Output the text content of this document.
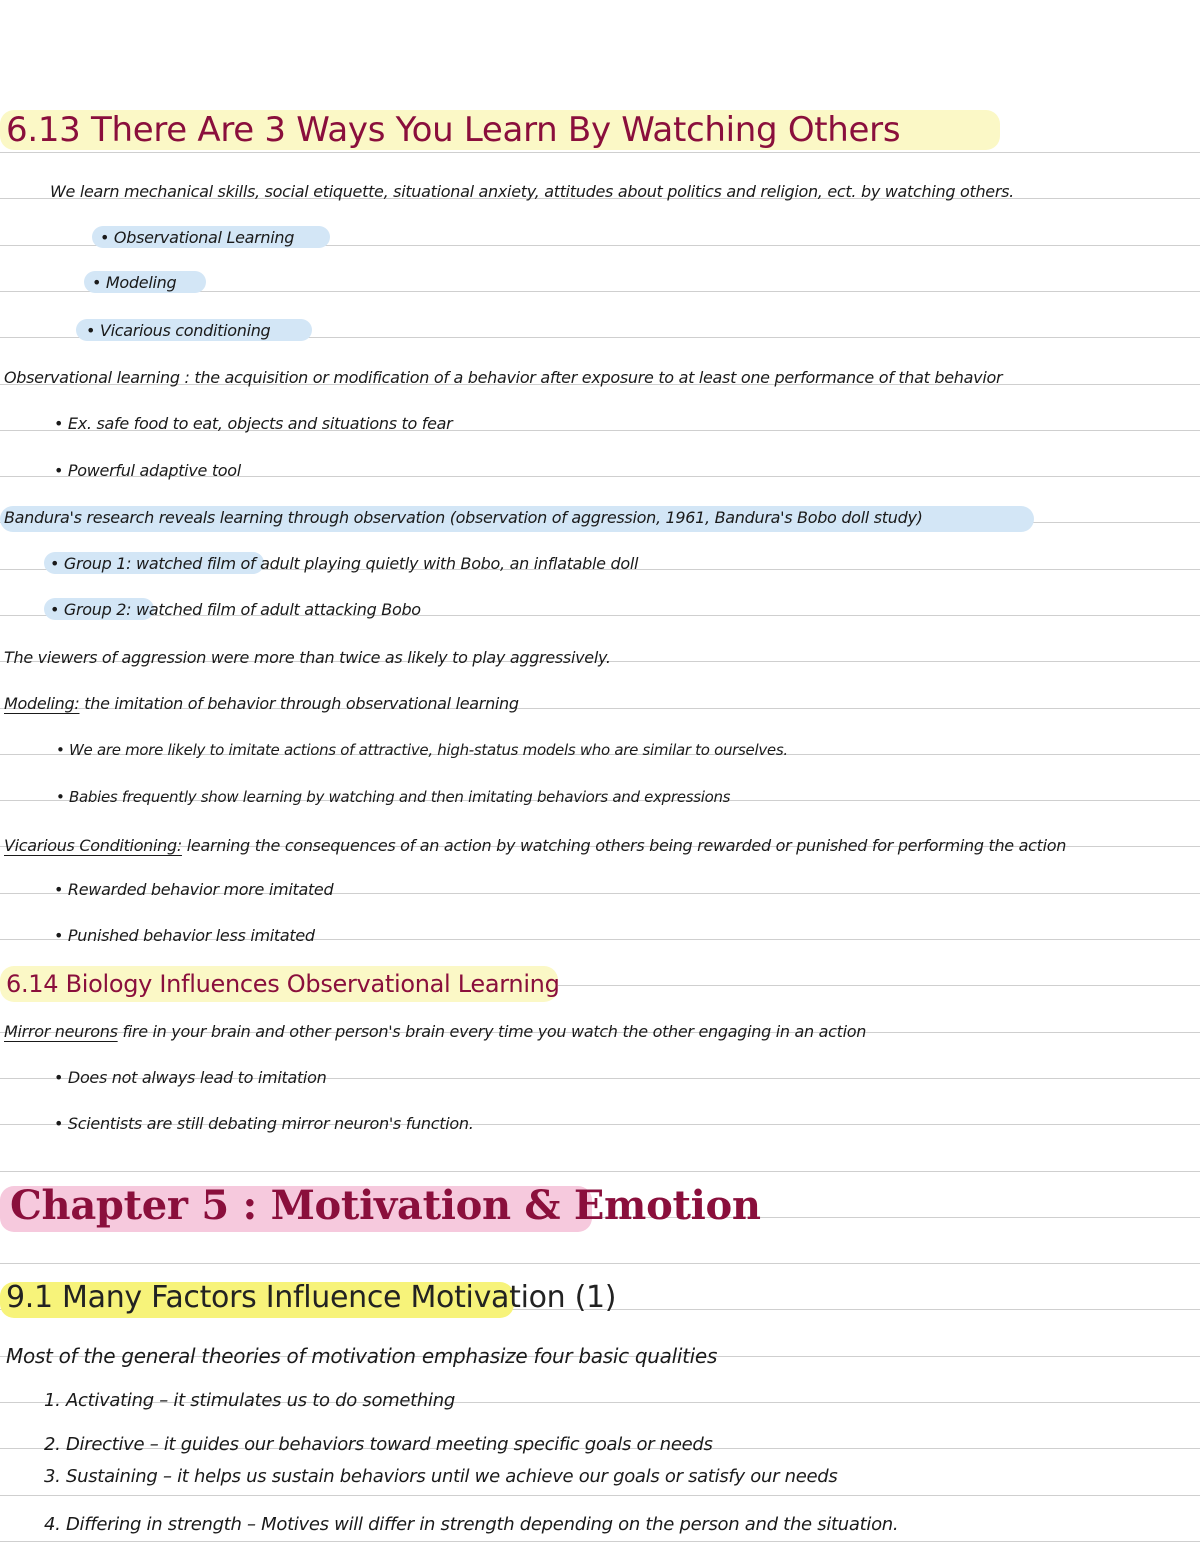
6.13 There Are 3 Ways You Learn By Watching Others
We learn mechanical skills, social etiquette, situational anxiety, attitudes about politics and religion, ect. by watching others.
• Observational Learning
• Modeling
• Vicarious conditioning
Observational learning : the acquisition or modification of a behavior after exposure to at least one performance of that behavior
• Ex. safe food to eat, objects and situations to fear
• Powerful adaptive tool
Bandura's research reveals learning through observation (observation of aggression, 1961, Bandura's Bobo doll study)
• Group 1: watched film of adult playing quietly with Bobo, an inflatable doll
• Group 2: watched film of adult attacking Bobo
The viewers of aggression were more than twice as likely to play aggressively.
Modeling: the imitation of behavior through observational learning
• We are more likely to imitate actions of attractive, high-status models who are similar to ourselves.
• Babies frequently show learning by watching and then imitating behaviors and expressions
Vicarious Conditioning: learning the consequences of an action by watching others being rewarded or punished for performing the action
• Rewarded behavior more imitated
• Punished behavior less imitated
6.14 Biology Influences Observational Learning
Mirror neurons fire in your brain and other person's brain every time you watch the other engaging in an action
• Does not always lead to imitation
• Scientists are still debating mirror neuron's function.
Chapter 5 : Motivation & Emotion
9.1 Many Factors Influence Motivation (1)
Most of the general theories of motivation emphasize four basic qualities
1. Activating – it stimulates us to do something
2. Directive – it guides our behaviors toward meeting specific goals or needs
3. Sustaining – it helps us sustain behaviors until we achieve our goals or satisfy our needs
4. Differing in strength – Motives will differ in strength depending on the person and the situation.
